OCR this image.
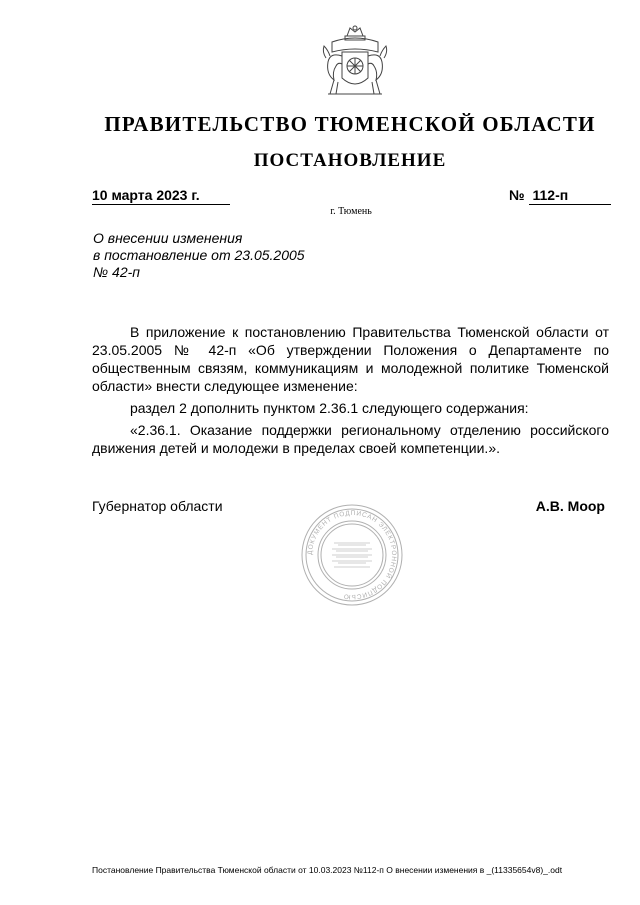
ПРАВИТЕЛЬСТВО ТЮМЕНСКОЙ ОБЛАСТИ
ПОСТАНОВЛЕНИЕ
10 марта 2023 г.	№ 112-п
г. Тюмень
О внесении изменения
в постановление от 23.05.2005
№ 42-п

В приложение к постановлению Правительства Тюменской области от 23.05.2005 № 42-п «Об утверждении Положения о Департаменте по общественным связям, коммуникациям и молодежной политике Тюменской области» внести следующее изменение:

раздел 2 дополнить пунктом 2.36.1 следующего содержания:

«2.36.1. Оказание поддержки региональному отделению российского движения детей и молодежи в пределах своей компетенции.».

Губернатор области	А.В. Моор
ДОКУМЕНТ ПОДПИСАН ЭЛЕКТРОННОЙ ПОДПИСЬЮ
Постановление Правительства Тюменской области от 10.03.2023 №112-п О внесении изменения в _(11335654v8)_.odt
